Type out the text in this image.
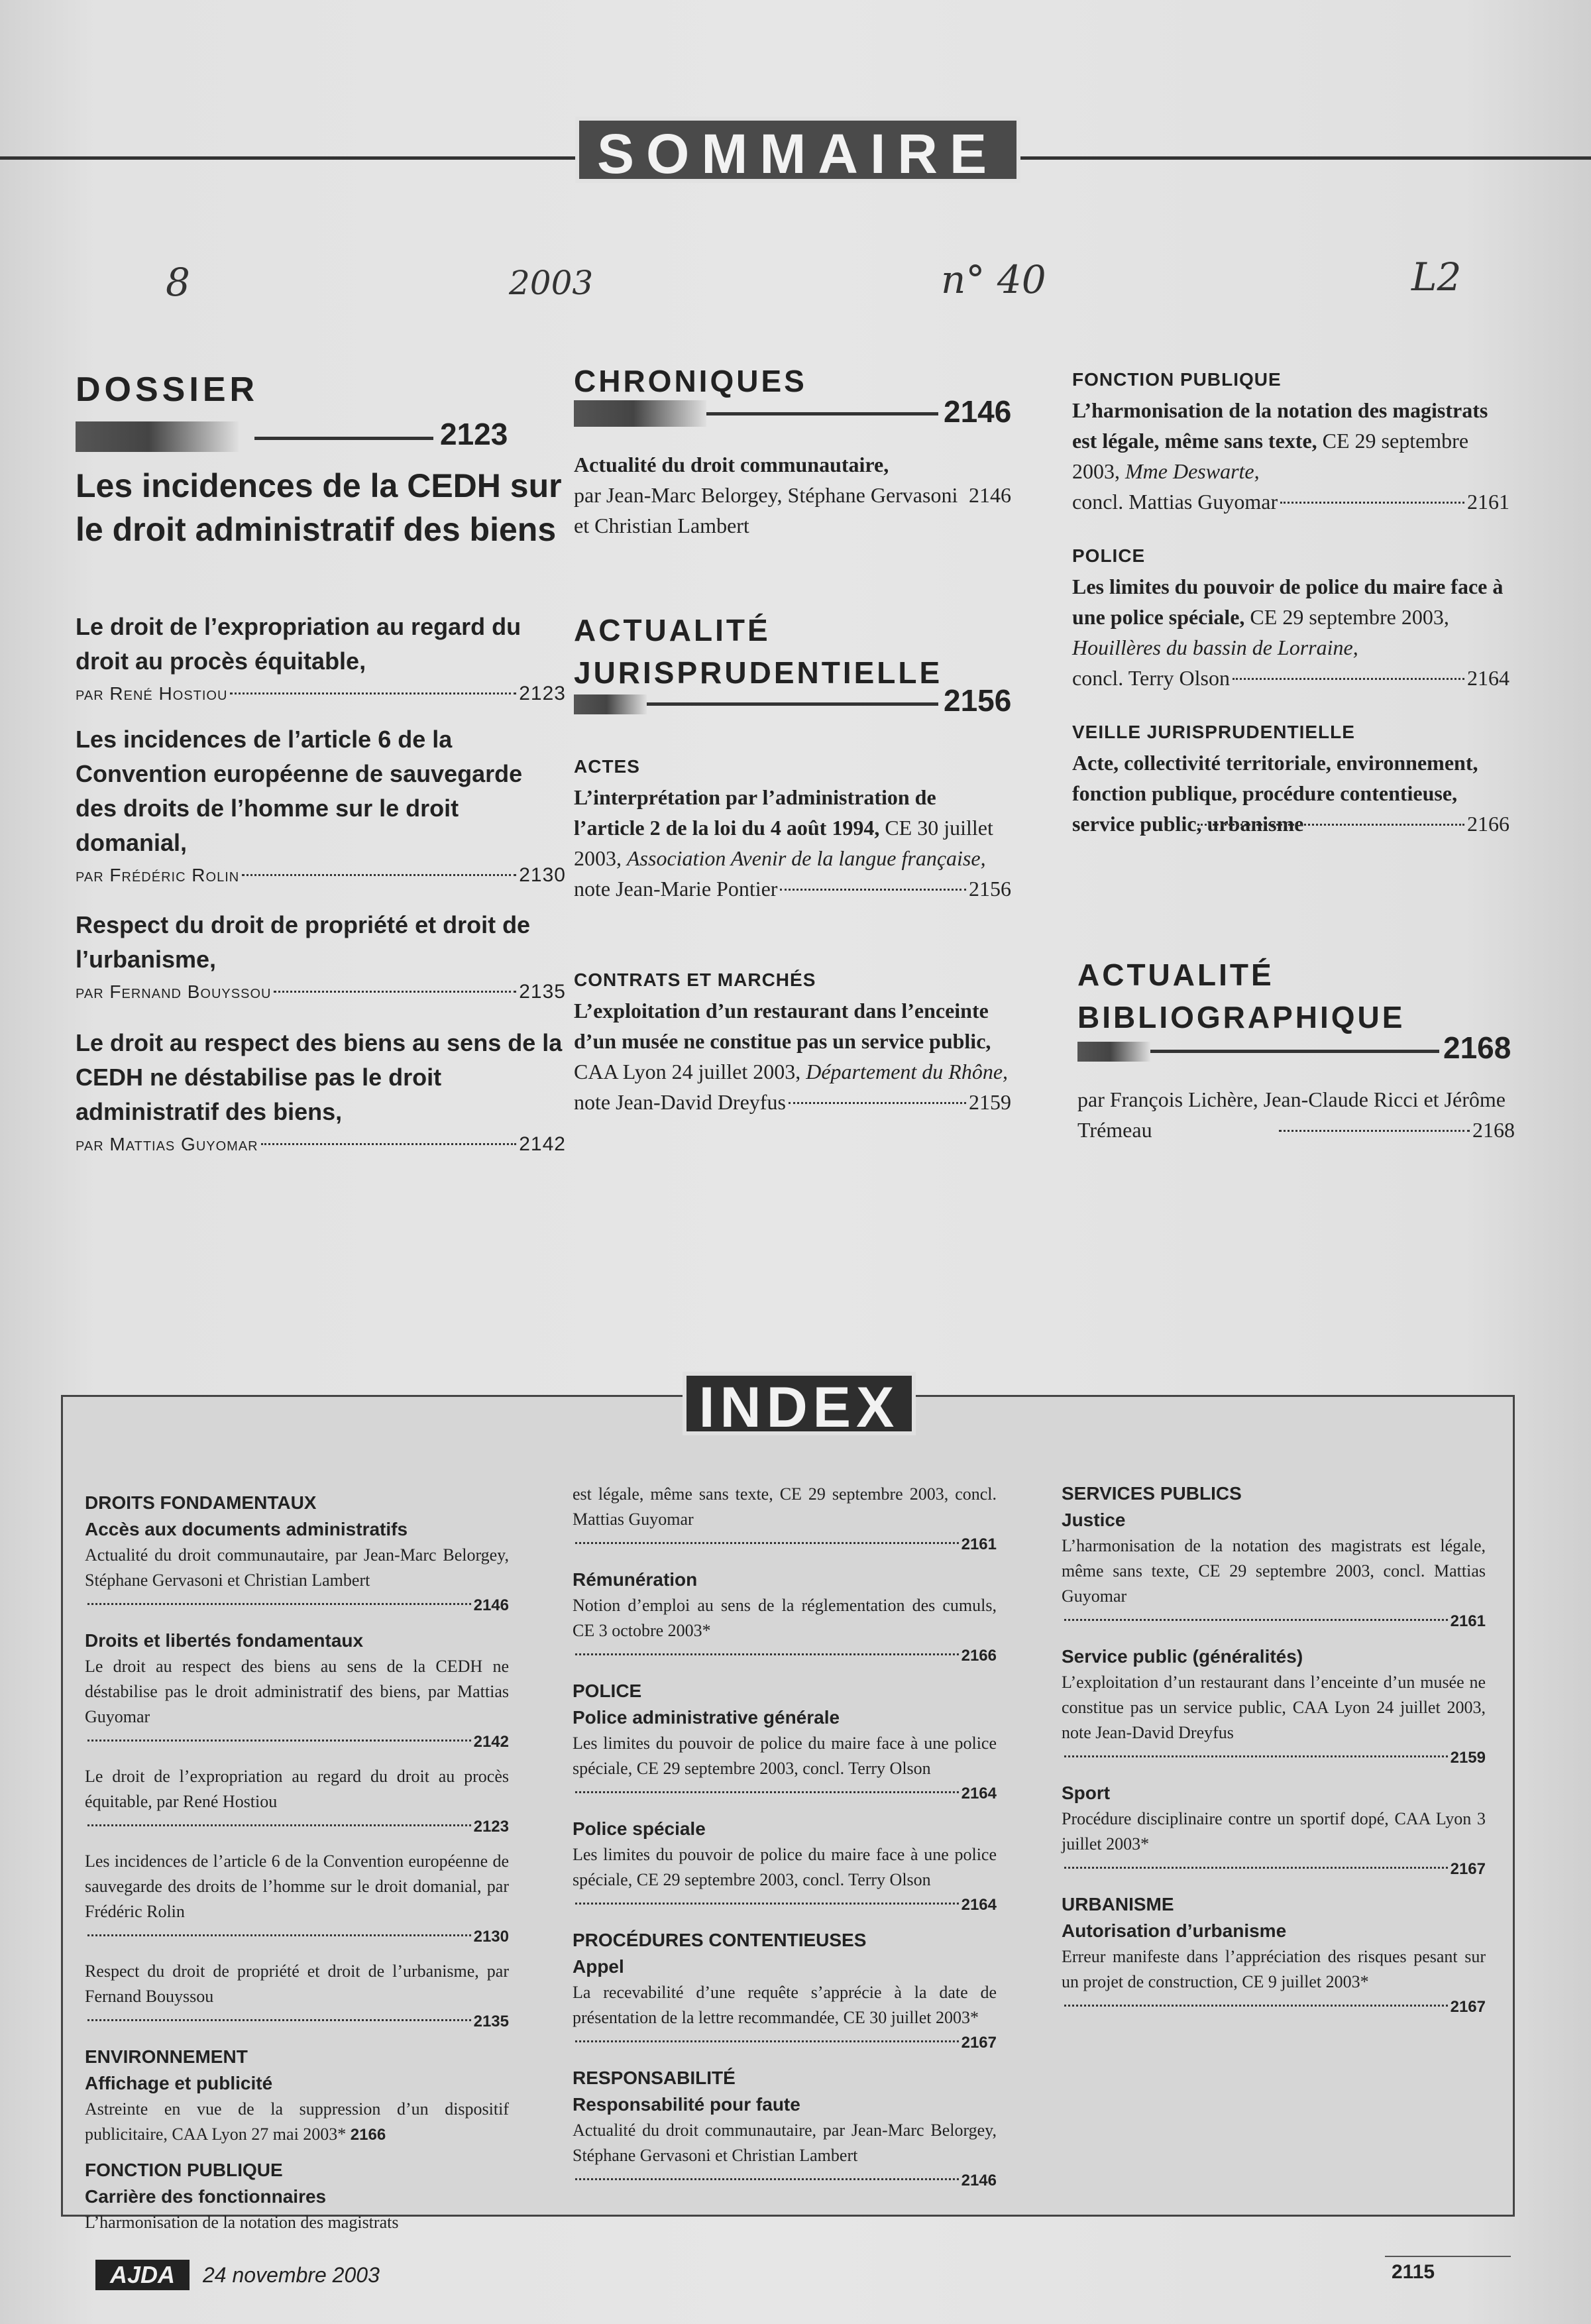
SOMMAIRE
8	2003	n° 40	L2
DOSSIER
2123
Les incidences de la CEDH sur le droit administratif des biens
Le droit de l’expropriation au regard du droit au procès équitable,
par René Hostiou	2123
Les incidences de l’article 6 de la Convention européenne de sauvegarde des droits de l’homme sur le droit domanial,
par Frédéric Rolin	2130
Respect du droit de propriété et droit de l’urbanisme,
par Fernand Bouyssou	2135
Le droit au respect des biens au sens de la CEDH ne déstabilise pas le droit administratif des biens,
par Mattias Guyomar	2142
CHRONIQUES
2146
Actualité du droit communautaire,
par Jean-Marc Belorgey, Stéphane Gervasoni et Christian Lambert
2146
ACTUALITÉ
JURISPRUDENTIELLE
2156
ACTES
L’interprétation par l’administration de l’article 2 de la loi du 4 août 1994, CE 30 juillet 2003, Association Avenir de la langue française,
note Jean-Marie Pontier	2156
CONTRATS ET MARCHÉS
L’exploitation d’un restaurant dans l’enceinte d’un musée ne constitue pas un service public, CAA Lyon 24 juillet 2003, Département du Rhône,
note Jean-David Dreyfus	2159
FONCTION PUBLIQUE
L’harmonisation de la notation des magistrats est légale, même sans texte, CE 29 septembre 2003, Mme Deswarte,
concl. Mattias Guyomar	2161
POLICE
Les limites du pouvoir de police du maire face à une police spéciale, CE 29 septembre 2003, Houillères du bassin de Lorraine,
concl. Terry Olson	2164
VEILLE JURISPRUDENTIELLE
Acte, collectivité territoriale, environnement, fonction publique, procédure contentieuse, service public, urbanisme	2166
ACTUALITÉ
BIBLIOGRAPHIQUE
2168
par François Lichère, Jean-Claude Ricci et Jérôme Trémeau	2168
INDEX
DROITS FONDAMENTAUX
Accès aux documents administratifs
Actualité du droit communautaire, par Jean-Marc Belorgey, Stéphane Gervasoni et Christian Lambert
2146
Droits et libertés fondamentaux
Le droit au respect des biens au sens de la CEDH ne déstabilise pas le droit administratif des biens, par Mattias Guyomar
2142
Le droit de l’expropriation au regard du droit au procès équitable, par René Hostiou
2123
Les incidences de l’article 6 de la Convention européenne de sauvegarde des droits de l’homme sur le droit domanial, par Frédéric Rolin
2130
Respect du droit de propriété et droit de l’urbanisme, par Fernand Bouyssou
2135
ENVIRONNEMENT
Affichage et publicité
Astreinte en vue de la suppression d’un dispositif publicitaire, CAA Lyon 27 mai 2003* 2166
FONCTION PUBLIQUE
Carrière des fonctionnaires
L’harmonisation de la notation des magistrats
est légale, même sans texte, CE 29 septembre 2003, concl. Mattias Guyomar
2161
Rémunération
Notion d’emploi au sens de la réglementation des cumuls, CE 3 octobre 2003*
2166
POLICE
Police administrative générale
Les limites du pouvoir de police du maire face à une police spéciale, CE 29 septembre 2003, concl. Terry Olson
2164
Police spéciale
Les limites du pouvoir de police du maire face à une police spéciale, CE 29 septembre 2003, concl. Terry Olson
2164
PROCÉDURES CONTENTIEUSES
Appel
La recevabilité d’une requête s’apprécie à la date de présentation de la lettre recommandée, CE 30 juillet 2003*
2167
RESPONSABILITÉ
Responsabilité pour faute
Actualité du droit communautaire, par Jean-Marc Belorgey, Stéphane Gervasoni et Christian Lambert
2146
SERVICES PUBLICS
Justice
L’harmonisation de la notation des magistrats est légale, même sans texte, CE 29 septembre 2003, concl. Mattias Guyomar
2161
Service public (généralités)
L’exploitation d’un restaurant dans l’enceinte d’un musée ne constitue pas un service public, CAA Lyon 24 juillet 2003, note Jean-David Dreyfus
2159
Sport
Procédure disciplinaire contre un sportif dopé, CAA Lyon 3 juillet 2003*
2167
URBANISME
Autorisation d’urbanisme
Erreur manifeste dans l’appréciation des risques pesant sur un projet de construction, CE 9 juillet 2003*
2167
AJDA	24 novembre 2003	2115
